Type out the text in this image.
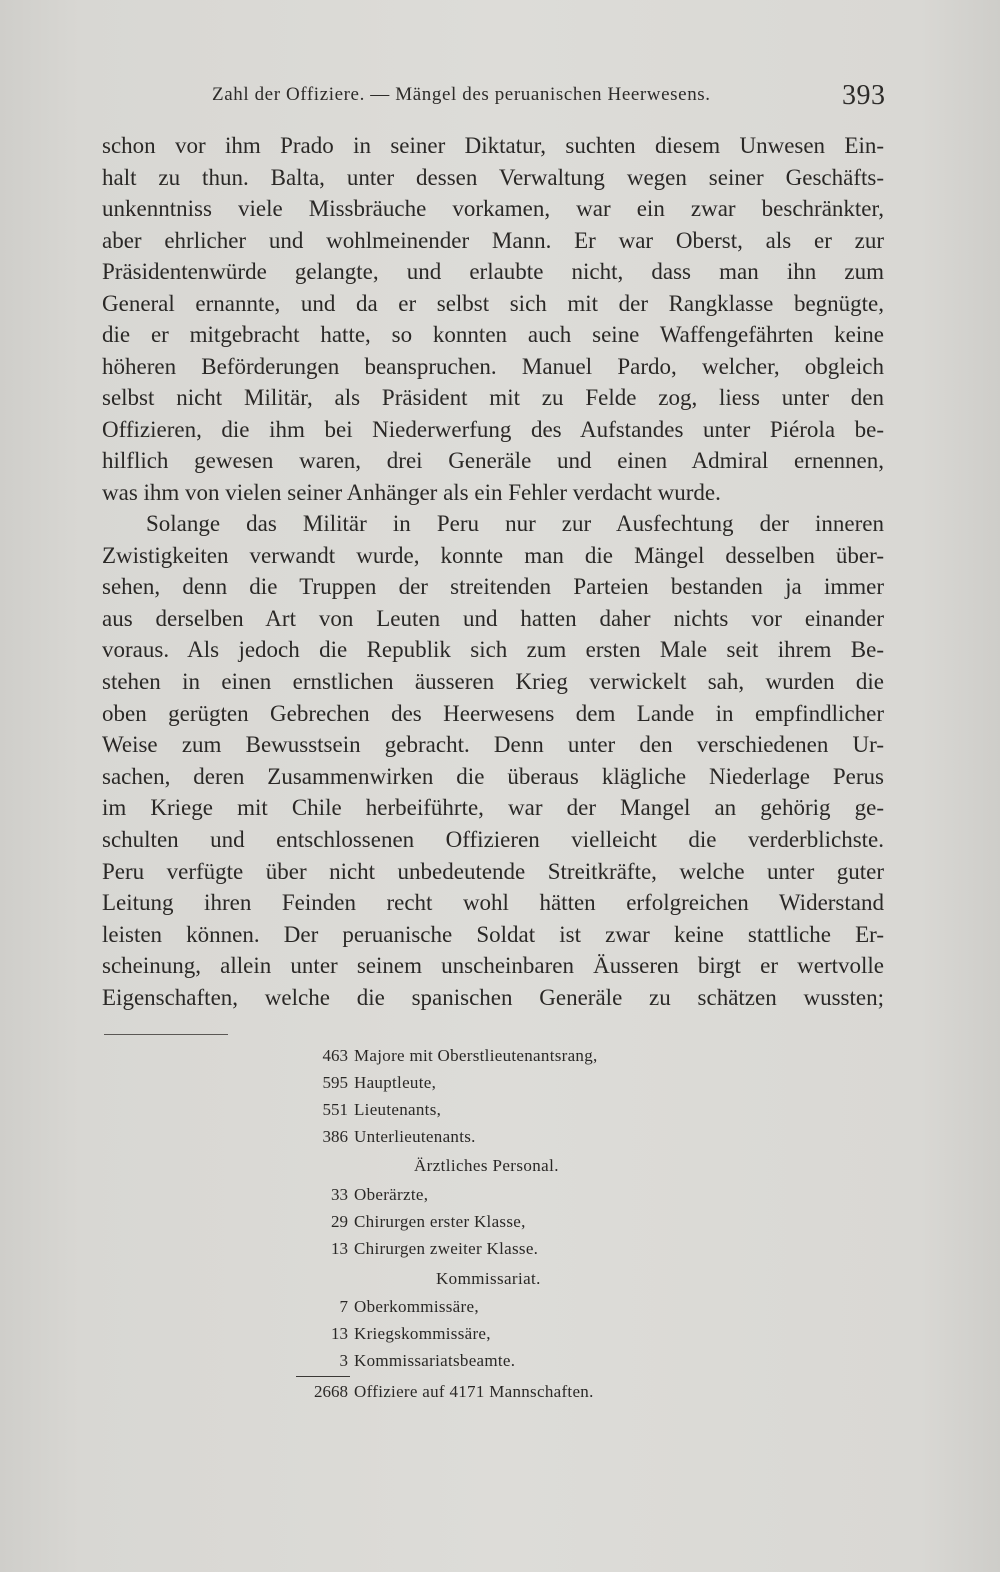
Zahl der Offiziere. — Mängel des peruanischen Heerwesens.	393
schon vor ihm Prado in seiner Diktatur, suchten diesem Unwesen Ein-
halt zu thun. Balta, unter dessen Verwaltung wegen seiner Geschäfts-
unkenntniss viele Missbräuche vorkamen, war ein zwar beschränkter,
aber ehrlicher und wohlmeinender Mann. Er war Oberst, als er zur
Präsidentenwürde gelangte, und erlaubte nicht, dass man ihn zum
General ernannte, und da er selbst sich mit der Rangklasse begnügte,
die er mitgebracht hatte, so konnten auch seine Waffengefährten keine
höheren Beförderungen beanspruchen. Manuel Pardo, welcher, obgleich
selbst nicht Militär, als Präsident mit zu Felde zog, liess unter den
Offizieren, die ihm bei Niederwerfung des Aufstandes unter Piérola be-
hilflich gewesen waren, drei Generäle und einen Admiral ernennen,
was ihm von vielen seiner Anhänger als ein Fehler verdacht wurde.
Solange das Militär in Peru nur zur Ausfechtung der inneren
Zwistigkeiten verwandt wurde, konnte man die Mängel desselben über-
sehen, denn die Truppen der streitenden Parteien bestanden ja immer
aus derselben Art von Leuten und hatten daher nichts vor einander
voraus. Als jedoch die Republik sich zum ersten Male seit ihrem Be-
stehen in einen ernstlichen äusseren Krieg verwickelt sah, wurden die
oben gerügten Gebrechen des Heerwesens dem Lande in empfindlicher
Weise zum Bewusstsein gebracht. Denn unter den verschiedenen Ur-
sachen, deren Zusammenwirken die überaus klägliche Niederlage Perus
im Kriege mit Chile herbeiführte, war der Mangel an gehörig ge-
schulten und entschlossenen Offizieren vielleicht die verderblichste.
Peru verfügte über nicht unbedeutende Streitkräfte, welche unter guter
Leitung ihren Feinden recht wohl hätten erfolgreichen Widerstand
leisten können. Der peruanische Soldat ist zwar keine stattliche Er-
scheinung, allein unter seinem unscheinbaren Äusseren birgt er wertvolle
Eigenschaften, welche die spanischen Generäle zu schätzen wussten;
463 Majore mit Oberstlieutenantsrang,
595 Hauptleute,
551 Lieutenants,
386 Unterlieutenants.
Ärztliches Personal.
33 Oberärzte,
29 Chirurgen erster Klasse,
13 Chirurgen zweiter Klasse.
Kommissariat.
7 Oberkommissäre,
13 Kriegskommissäre,
3 Kommissariatsbeamte.
2668 Offiziere auf 4171 Mannschaften.
